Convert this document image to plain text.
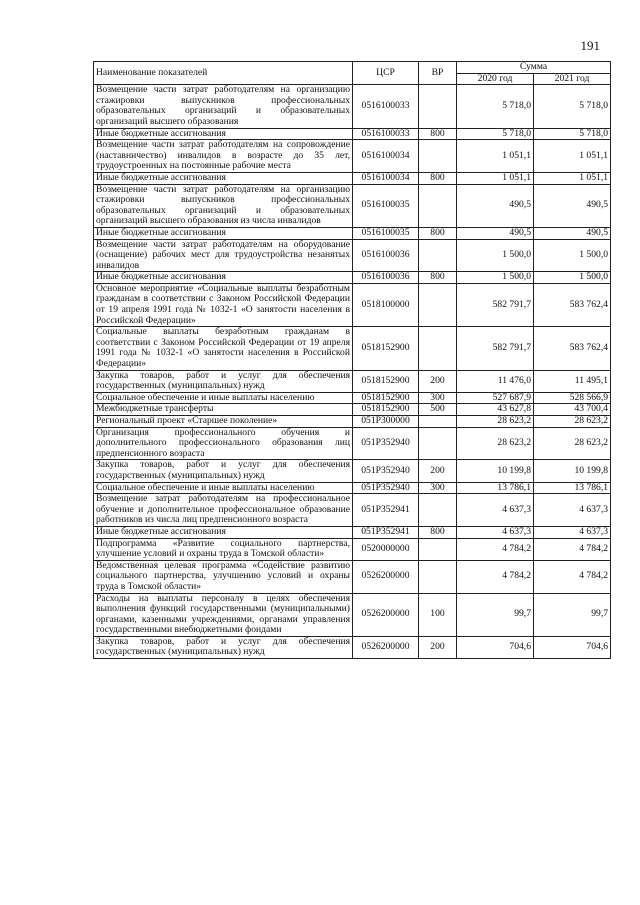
191
Наименование показателей	ЦСР	ВР	Сумма	
			2020 год	2021 год
Возмещение части затрат работодателям на организацию стажировки выпускников профессиональных образовательных организаций и образовательных организаций высшего образования	0516100033		5 718,0	5 718,0
Иные бюджетные ассигнования	0516100033	800	5 718,0	5 718,0
Возмещение части затрат работодателям на сопровождение (наставничество) инвалидов в возрасте до 35 лет, трудоустроенных на постоянные рабочие места	0516100034		1 051,1	1 051,1
Иные бюджетные ассигнования	0516100034	800	1 051,1	1 051,1
Возмещение части затрат работодателям на организацию стажировки выпускников профессиональных образовательных организаций и образовательных организаций высшего образования из числа инвалидов	0516100035		490,5	490,5
Иные бюджетные ассигнования	0516100035	800	490,5	490,5
Возмещение части затрат работодателям на оборудование (оснащение) рабочих мест для трудоустройства незанятых инвалидов	0516100036		1 500,0	1 500,0
Иные бюджетные ассигнования	0516100036	800	1 500,0	1 500,0
Основное мероприятие «Социальные выплаты безработным гражданам в соответствии с Законом Российской Федерации от 19 апреля 1991 года № 1032-1 «О занятости населения в Российской Федерации»	0518100000		582 791,7	583 762,4
Социальные выплаты безработным гражданам в соответствии с Законом Российской Федерации от 19 апреля 1991 года № 1032-1 «О занятости населения в Российской Федерации»	0518152900		582 791,7	583 762,4
Закупка товаров, работ и услуг для обеспечения государственных (муниципальных) нужд	0518152900	200	11 476,0	11 495,1
Социальное обеспечение и иные выплаты населению	0518152900	300	527 687,9	528 566,9
Межбюджетные трансферты	0518152900	500	43 627,8	43 700,4
Региональный проект «Старшее поколение»	051P300000		28 623,2	28 623,2
Организация профессионального обучения и дополнительного профессионального образования лиц предпенсионного возраста	051P352940		28 623,2	28 623,2
Закупка товаров, работ и услуг для обеспечения государственных (муниципальных) нужд	051P352940	200	10 199,8	10 199,8
Социальное обеспечение и иные выплаты населению	051P352940	300	13 786,1	13 786,1
Возмещение затрат работодателям на профессиональное обучение и дополнительное профессиональное образование работников из числа лиц предпенсионного возраста	051P352941		4 637,3	4 637,3
Иные бюджетные ассигнования	051P352941	800	4 637,3	4 637,3
Подпрограмма «Развитие социального партнерства, улучшение условий и охраны труда в Томской области»	0520000000		4 784,2	4 784,2
Ведомственная целевая программа «Содействие развитию социального партнерства, улучшению условий и охраны труда в Томской области»	0526200000		4 784,2	4 784,2
Расходы на выплаты персоналу в целях обеспечения выполнения функций государственными (муниципальными) органами, казенными учреждениями, органами управления государственными внебюджетными фондами	0526200000	100	99,7	99,7
Закупка товаров, работ и услуг для обеспечения государственных (муниципальных) нужд	0526200000	200	704,6	704,6
